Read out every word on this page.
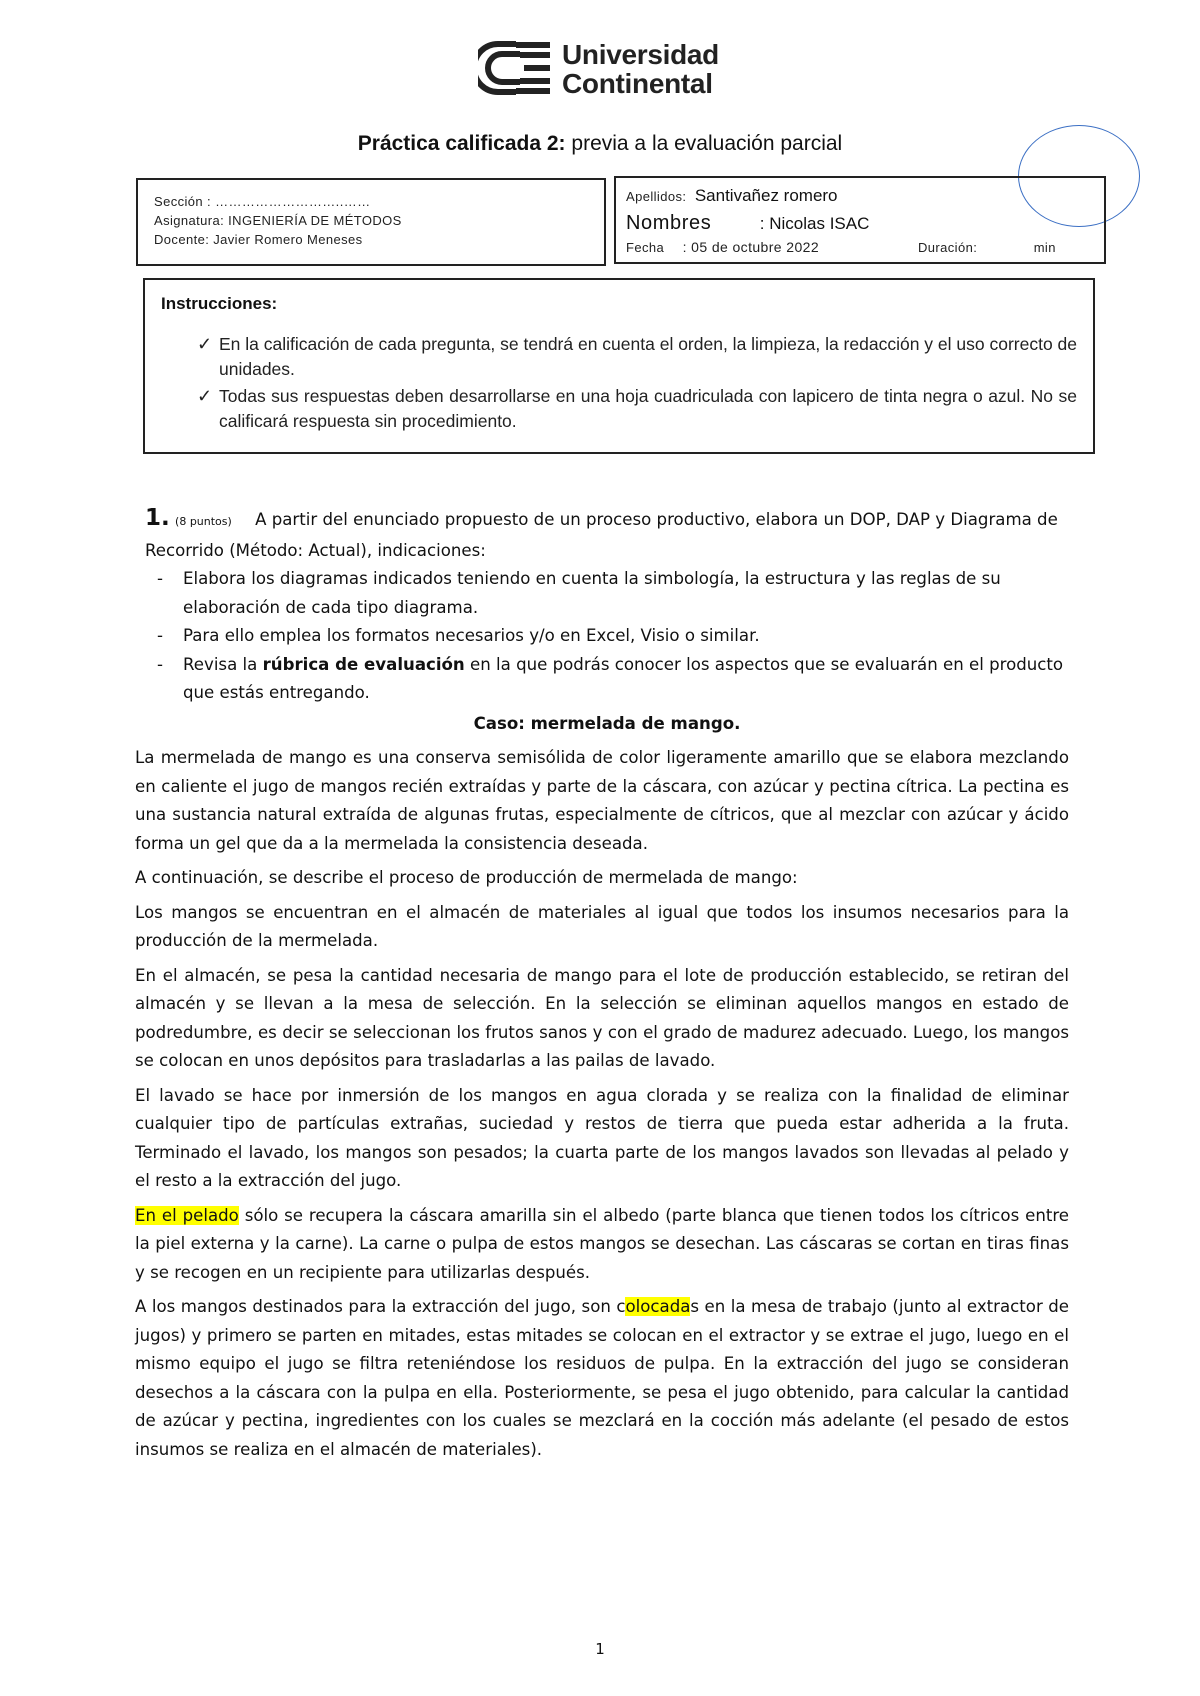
Universidad
Continental
Práctica calificada 2: previa a la evaluación parcial
Sección : ………………………..……
Asignatura: INGENIERÍA DE MÉTODOS
Docente: Javier Romero Meneses
Apellidos: Santivañez romero
Nombres	: Nicolas ISAC
Fecha : 05 de octubre 2022	Duración:	min
Instrucciones:
✓ En la calificación de cada pregunta, se tendrá en cuenta el orden, la limpieza, la redacción y el uso correcto de unidades.
✓ Todas sus respuestas deben desarrollarse en una hoja cuadriculada con lapicero de tinta negra o azul. No se calificará respuesta sin procedimiento.
1. (8 puntos) A partir del enunciado propuesto de un proceso productivo, elabora un DOP, DAP y Diagrama de Recorrido (Método: Actual), indicaciones:
- Elabora los diagramas indicados teniendo en cuenta la simbología, la estructura y las reglas de su elaboración de cada tipo diagrama.
- Para ello emplea los formatos necesarios y/o en Excel, Visio o similar.
- Revisa la rúbrica de evaluación en la que podrás conocer los aspectos que se evaluarán en el producto que estás entregando.
Caso: mermelada de mango.

La mermelada de mango es una conserva semisólida de color ligeramente amarillo que se elabora mezclando en caliente el jugo de mangos recién extraídas y parte de la cáscara, con azúcar y pectina cítrica. La pectina es una sustancia natural extraída de algunas frutas, especialmente de cítricos, que al mezclar con azúcar y ácido forma un gel que da a la mermelada la consistencia deseada.

A continuación, se describe el proceso de producción de mermelada de mango:

Los mangos se encuentran en el almacén de materiales al igual que todos los insumos necesarios para la producción de la mermelada.

En el almacén, se pesa la cantidad necesaria de mango para el lote de producción establecido, se retiran del almacén y se llevan a la mesa de selección. En la selección se eliminan aquellos mangos en estado de podredumbre, es decir se seleccionan los frutos sanos y con el grado de madurez adecuado. Luego, los mangos se colocan en unos depósitos para trasladarlas a las pailas de lavado.

El lavado se hace por inmersión de los mangos en agua clorada y se realiza con la finalidad de eliminar cualquier tipo de partículas extrañas, suciedad y restos de tierra que pueda estar adherida a la fruta. Terminado el lavado, los mangos son pesados; la cuarta parte de los mangos lavados son llevadas al pelado y el resto a la extracción del jugo.

En el pelado sólo se recupera la cáscara amarilla sin el albedo (parte blanca que tienen todos los cítricos entre la piel externa y la carne). La carne o pulpa de estos mangos se desechan. Las cáscaras se cortan en tiras finas y se recogen en un recipiente para utilizarlas después.

A los mangos destinados para la extracción del jugo, son colocadas en la mesa de trabajo (junto al extractor de jugos) y primero se parten en mitades, estas mitades se colocan en el extractor y se extrae el jugo, luego en el mismo equipo el jugo se filtra reteniéndose los residuos de pulpa. En la extracción del jugo se consideran desechos a la cáscara con la pulpa en ella. Posteriormente, se pesa el jugo obtenido, para calcular la cantidad de azúcar y pectina, ingredientes con los cuales se mezclará en la cocción más adelante (el pesado de estos insumos se realiza en el almacén de materiales).

1
